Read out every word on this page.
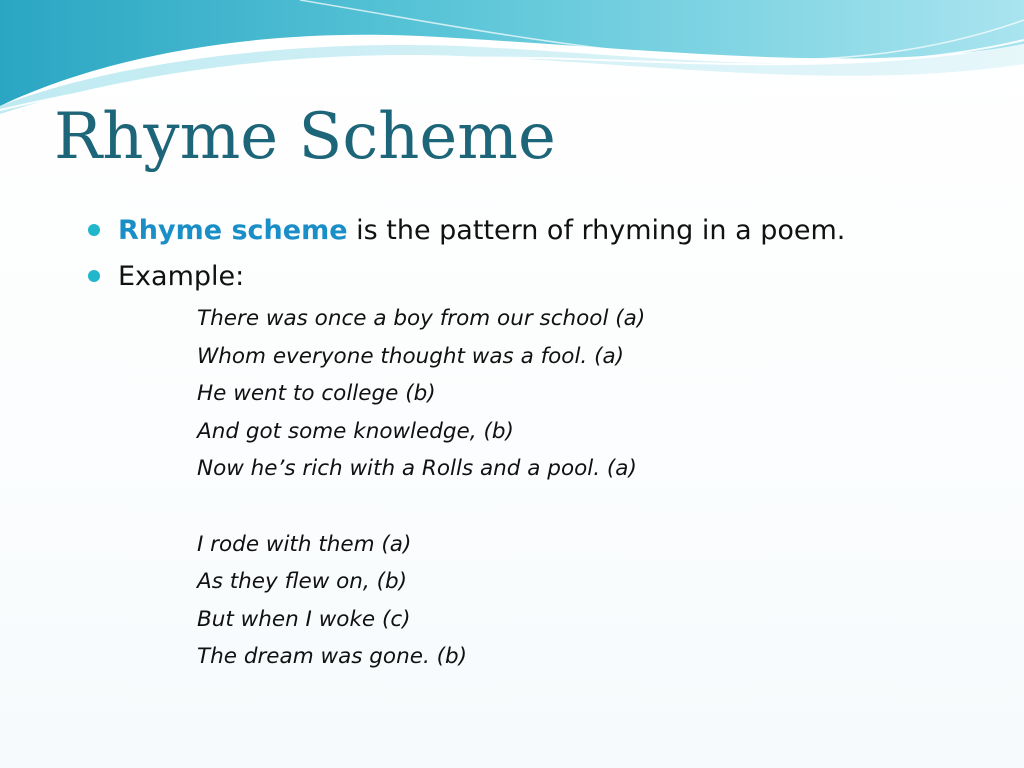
Rhyme Scheme
Rhyme scheme is the pattern of rhyming in a poem.
Example:
There was once a boy from our school (a)
Whom everyone thought was a fool. (a)
He went to college (b)
And got some knowledge, (b)
Now he’s rich with a Rolls and a pool. (a)
I rode with them (a)
As they flew on, (b)
But when I woke (c)
The dream was gone. (b)
